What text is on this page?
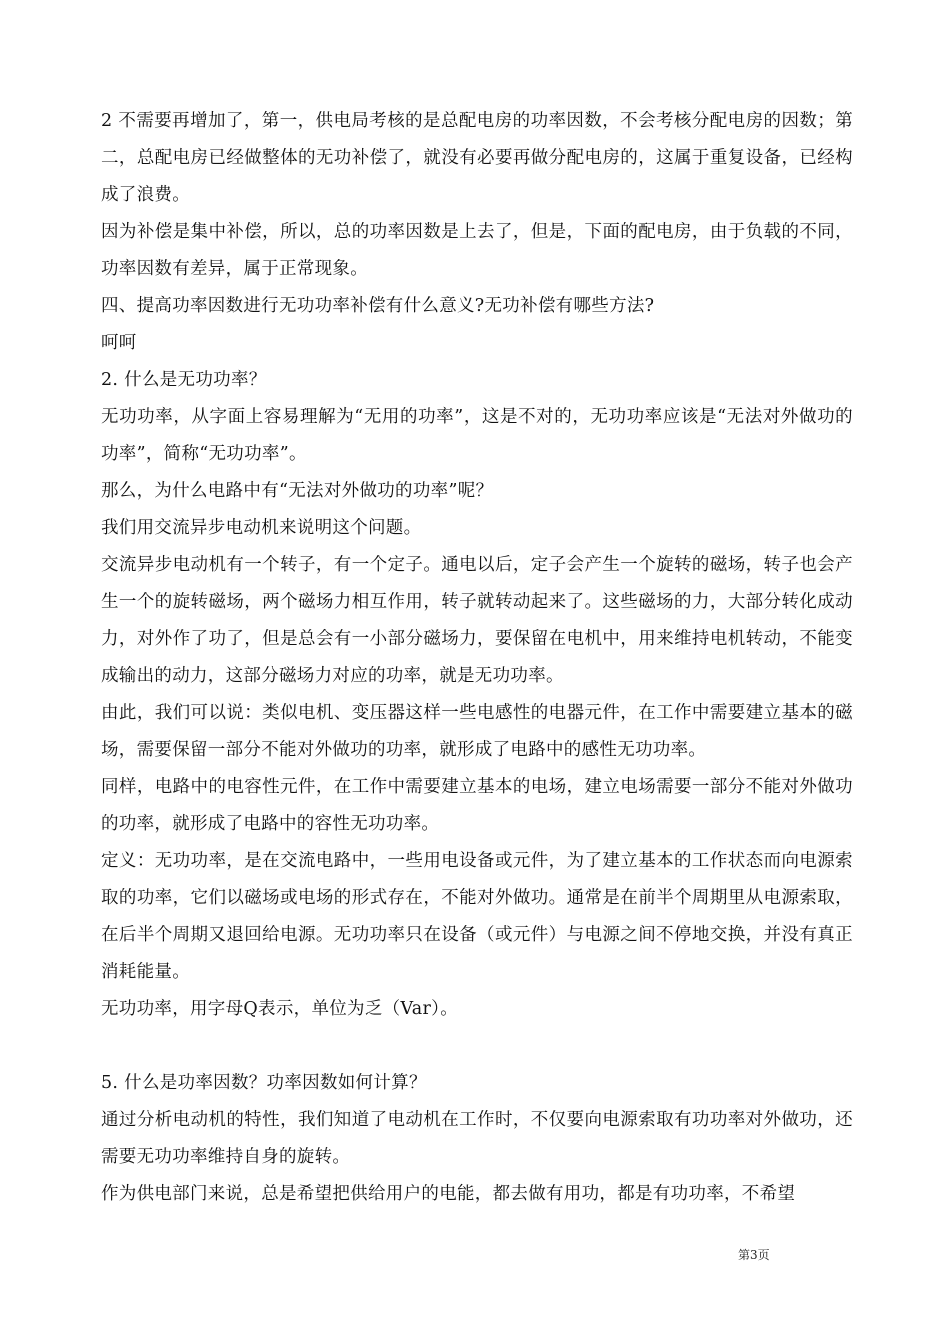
2 不需要再增加了，第一，供电局考核的是总配电房的功率因数，不会考核分配电房的因数；第二，总配电房已经做整体的无功补偿了，就没有必要再做分配电房的，这属于重复设备，已经构成了浪费。

因为补偿是集中补偿，所以，总的功率因数是上去了，但是，下面的配电房，由于负载的不同，功率因数有差异，属于正常现象。

四、提高功率因数进行无功功率补偿有什么意义?无功补偿有哪些方法?

呵呵

2. 什么是无功功率？

无功功率，从字面上容易理解为“无用的功率”，这是不对的，无功功率应该是“无法对外做功的功率”，简称“无功功率”。

那么，为什么电路中有“无法对外做功的功率”呢？

我们用交流异步电动机来说明这个问题。

交流异步电动机有一个转子，有一个定子。通电以后，定子会产生一个旋转的磁场，转子也会产生一个的旋转磁场，两个磁场力相互作用，转子就转动起来了。这些磁场的力，大部分转化成动力，对外作了功了，但是总会有一小部分磁场力，要保留在电机中，用来维持电机转动，不能变成输出的动力，这部分磁场力对应的功率，就是无功功率。

由此，我们可以说：类似电机、变压器这样一些电感性的电器元件，在工作中需要建立基本的磁场，需要保留一部分不能对外做功的功率，就形成了电路中的感性无功功率。

同样，电路中的电容性元件，在工作中需要建立基本的电场，建立电场需要一部分不能对外做功的功率，就形成了电路中的容性无功功率。

定义：无功功率，是在交流电路中，一些用电设备或元件，为了建立基本的工作状态而向电源索取的功率，它们以磁场或电场的形式存在，不能对外做功。通常是在前半个周期里从电源索取，在后半个周期又退回给电源。无功功率只在设备（或元件）与电源之间不停地交换，并没有真正消耗能量。

无功功率，用字母Q表示，单位为乏（Var）。

5. 什么是功率因数？功率因数如何计算？

通过分析电动机的特性，我们知道了电动机在工作时，不仅要向电源索取有功功率对外做功，还需要无功功率维持自身的旋转。

作为供电部门来说，总是希望把供给用户的电能，都去做有用功，都是有功功率，不希望

第3页
